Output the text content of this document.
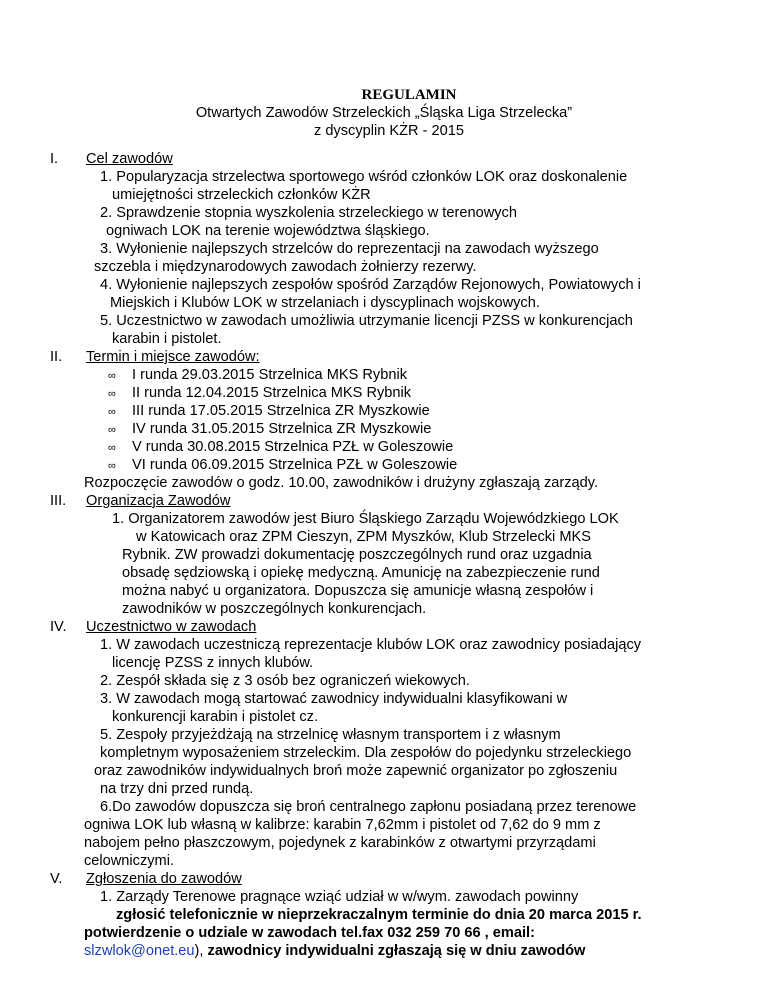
REGULAMIN
Otwartych Zawodów Strzeleckich „Śląska Liga Strzelecka”
z dyscyplin KŻR - 2015
I. Cel zawodów
1. Popularyzacja strzelectwa sportowego wśród członków LOK oraz doskonalenie
umiejętności strzeleckich członków KŻR
2. Sprawdzenie stopnia wyszkolenia strzeleckiego w terenowych
ogniwach LOK na terenie województwa śląskiego.
3. Wyłonienie najlepszych strzelców do reprezentacji na zawodach wyższego
szczebla i międzynarodowych zawodach żołnierzy rezerwy.
4. Wyłonienie najlepszych zespołów spośród Zarządów Rejonowych, Powiatowych i
Miejskich i Klubów LOK w strzelaniach i dyscyplinach wojskowych.
5. Uczestnictwo w zawodach umożliwia utrzymanie licencji PZSS w konkurencjach
karabin i pistolet.
II. Termin i miejsce zawodów:
∞ I runda 29.03.2015 Strzelnica MKS Rybnik
∞ II runda 12.04.2015 Strzelnica MKS Rybnik
∞ III runda 17.05.2015 Strzelnica ZR Myszkowie
∞ IV runda 31.05.2015 Strzelnica ZR Myszkowie
∞ V runda 30.08.2015 Strzelnica PZŁ w Goleszowie
∞ VI runda 06.09.2015 Strzelnica PZŁ w Goleszowie
Rozpoczęcie zawodów o godz. 10.00, zawodników i drużyny zgłaszają zarządy.
III. Organizacja Zawodów
1. Organizatorem zawodów jest Biuro Śląskiego Zarządu Wojewódzkiego LOK
w Katowicach oraz ZPM Cieszyn, ZPM Myszków, Klub Strzelecki MKS
Rybnik. ZW prowadzi dokumentację poszczególnych rund oraz uzgadnia
obsadę sędziowską i opiekę medyczną. Amunicję na zabezpieczenie rund
można nabyć u organizatora. Dopuszcza się amunicje własną zespołów i
zawodników w poszczególnych konkurencjach.
IV. Uczestnictwo w zawodach
1. W zawodach uczestniczą reprezentacje klubów LOK oraz zawodnicy posiadający
licencję PZSS z innych klubów.
2. Zespół składa się z 3 osób bez ograniczeń wiekowych.
3. W zawodach mogą startować zawodnicy indywidualni klasyfikowani w
konkurencji karabin i pistolet cz.
5. Zespoły przyjeżdżają na strzelnicę własnym transportem i z własnym
kompletnym wyposażeniem strzeleckim. Dla zespołów do pojedynku strzeleckiego
oraz zawodników indywidualnych broń może zapewnić organizator po zgłoszeniu
na trzy dni przed rundą.
6.Do zawodów dopuszcza się broń centralnego zapłonu posiadaną przez terenowe
ogniwa LOK lub własną w kalibrze: karabin 7,62mm i pistolet od 7,62 do 9 mm z
nabojem pełno płaszczowym, pojedynek z karabinków z otwartymi przyrządami
celowniczymi.
V. Zgłoszenia do zawodów
1. Zarządy Terenowe pragnące wziąć udział w w/wym. zawodach powinny
zgłosić telefonicznie w nieprzekraczalnym terminie do dnia 20 marca 2015 r.
potwierdzenie o udziale w zawodach tel.fax 032 259 70 66 , email:
slzwlok@onet.eu), zawodnicy indywidualni zgłaszają się w dniu zawodów
